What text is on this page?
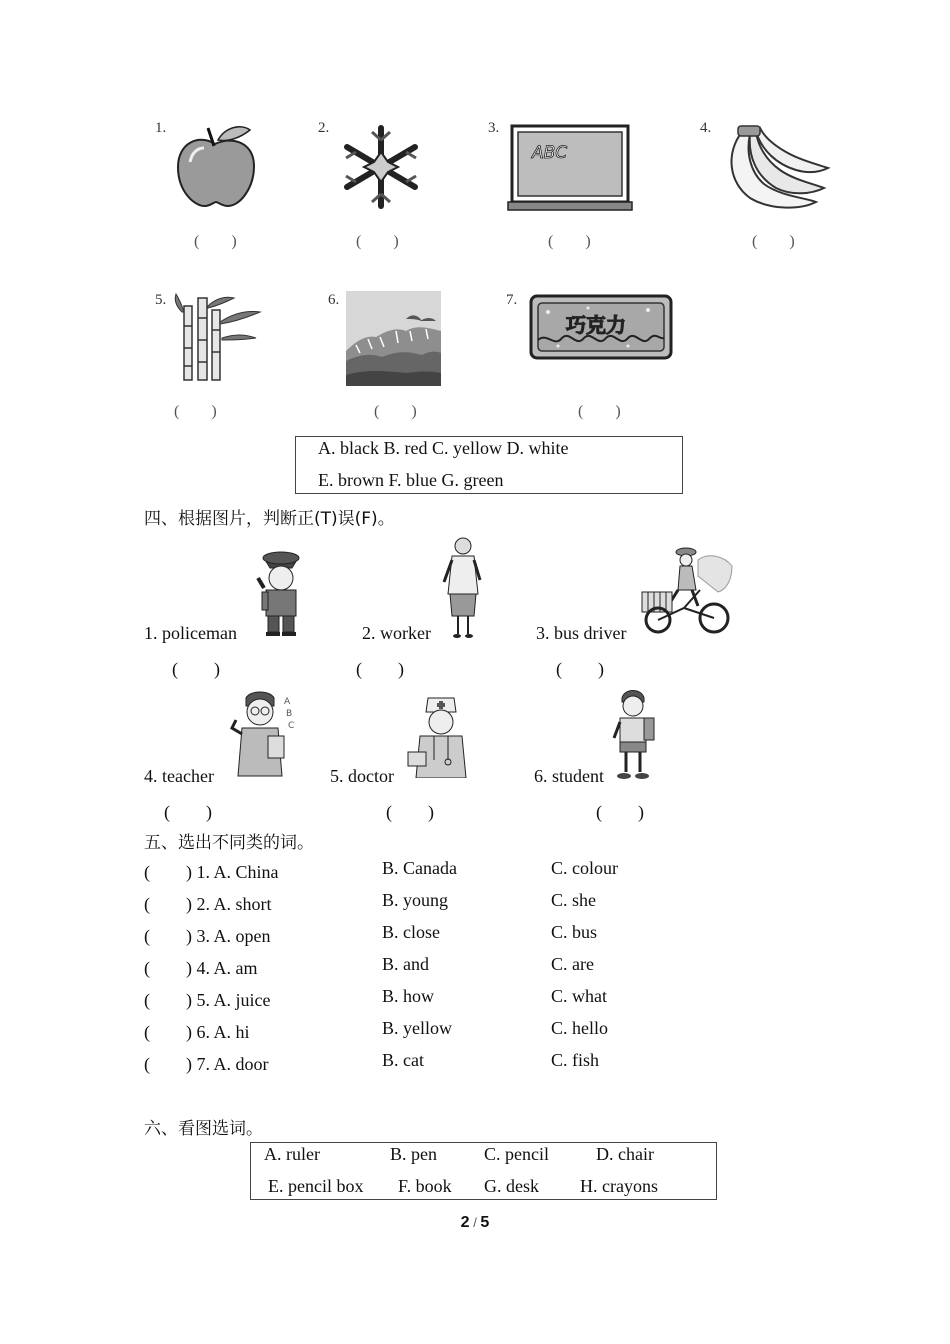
1.
(　　)
2.
(　　)
3.
ABC
(　　)
4.
(　　)
5.
(　　)
6.
(　　)
7.
巧克力
(　　)
A. black B. red C. yellow D. white
E. brown F. blue G. green
四、根据图片，判断正(T)误(F)。
1. policeman
(　　)
2. worker
(　　)
3. bus driver
(　　)
4. teacher
A
B
C
(　　)
5. doctor
(　　)
6. student
(　　)
五、选出不同类的词。
(　　) 1. A. China	B. Canada	C. colour
(　　) 2. A. short	B. young	C. she
(　　) 3. A. open	B. close	C. bus
(　　) 4. A. am	B. and	C. are
(　　) 5. A. juice	B. how	C. what
(　　) 6. A. hi	B. yellow	C. hello
(　　) 7. A. door	B. cat	C. fish
六、看图选词。
A. ruler	B. pen	C. pencil	D. chair
E. pencil box F. book G. desk H. crayons
2 / 5
